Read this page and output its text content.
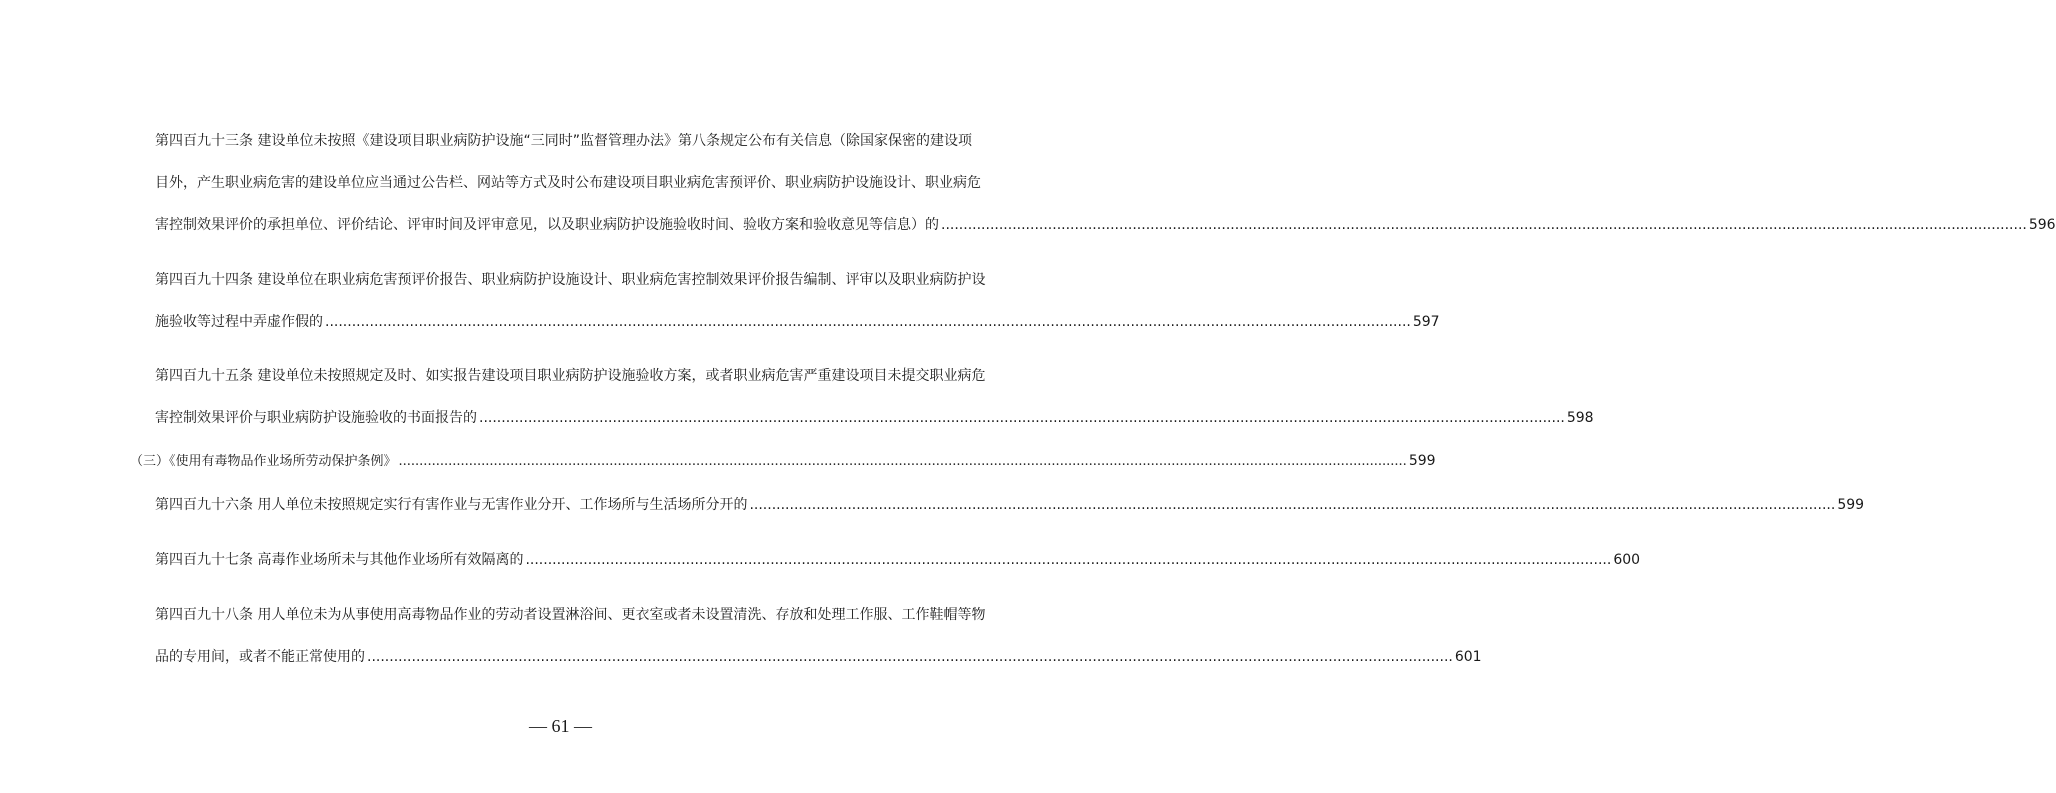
第四百九十三条 建设单位未按照《建设项目职业病防护设施“三同时”监督管理办法》第八条规定公布有关信息（除国家保密的建设项
目外，产生职业病危害的建设单位应当通过公告栏、网站等方式及时公布建设项目职业病危害预评价、职业病防护设施设计、职业病危
害控制效果评价的承担单位、评价结论、评审时间及评审意见，以及职业病防护设施验收时间、验收方案和验收意见等信息）的 .................................................................................................................................................................................................................................................... 596
第四百九十四条 建设单位在职业病危害预评价报告、职业病防护设施设计、职业病危害控制效果评价报告编制、评审以及职业病防护设
施验收等过程中弄虚作假的 .................................................................................................................................................................................................................................................... 597
第四百九十五条 建设单位未按照规定及时、如实报告建设项目职业病防护设施验收方案，或者职业病危害严重建设项目未提交职业病危
害控制效果评价与职业病防护设施验收的书面报告的 .................................................................................................................................................................................................................................................... 598
（三）《使用有毒物品作业场所劳动保护条例》 .................................................................................................................................................................................................................................................... 599
第四百九十六条 用人单位未按照规定实行有害作业与无害作业分开、工作场所与生活场所分开的 .................................................................................................................................................................................................................................................... 599
第四百九十七条 高毒作业场所未与其他作业场所有效隔离的 .................................................................................................................................................................................................................................................... 600
第四百九十八条 用人单位未为从事使用高毒物品作业的劳动者设置淋浴间、更衣室或者未设置清洗、存放和处理工作服、工作鞋帽等物
品的专用间，或者不能正常使用的 .................................................................................................................................................................................................................................................... 601
— 61 —
